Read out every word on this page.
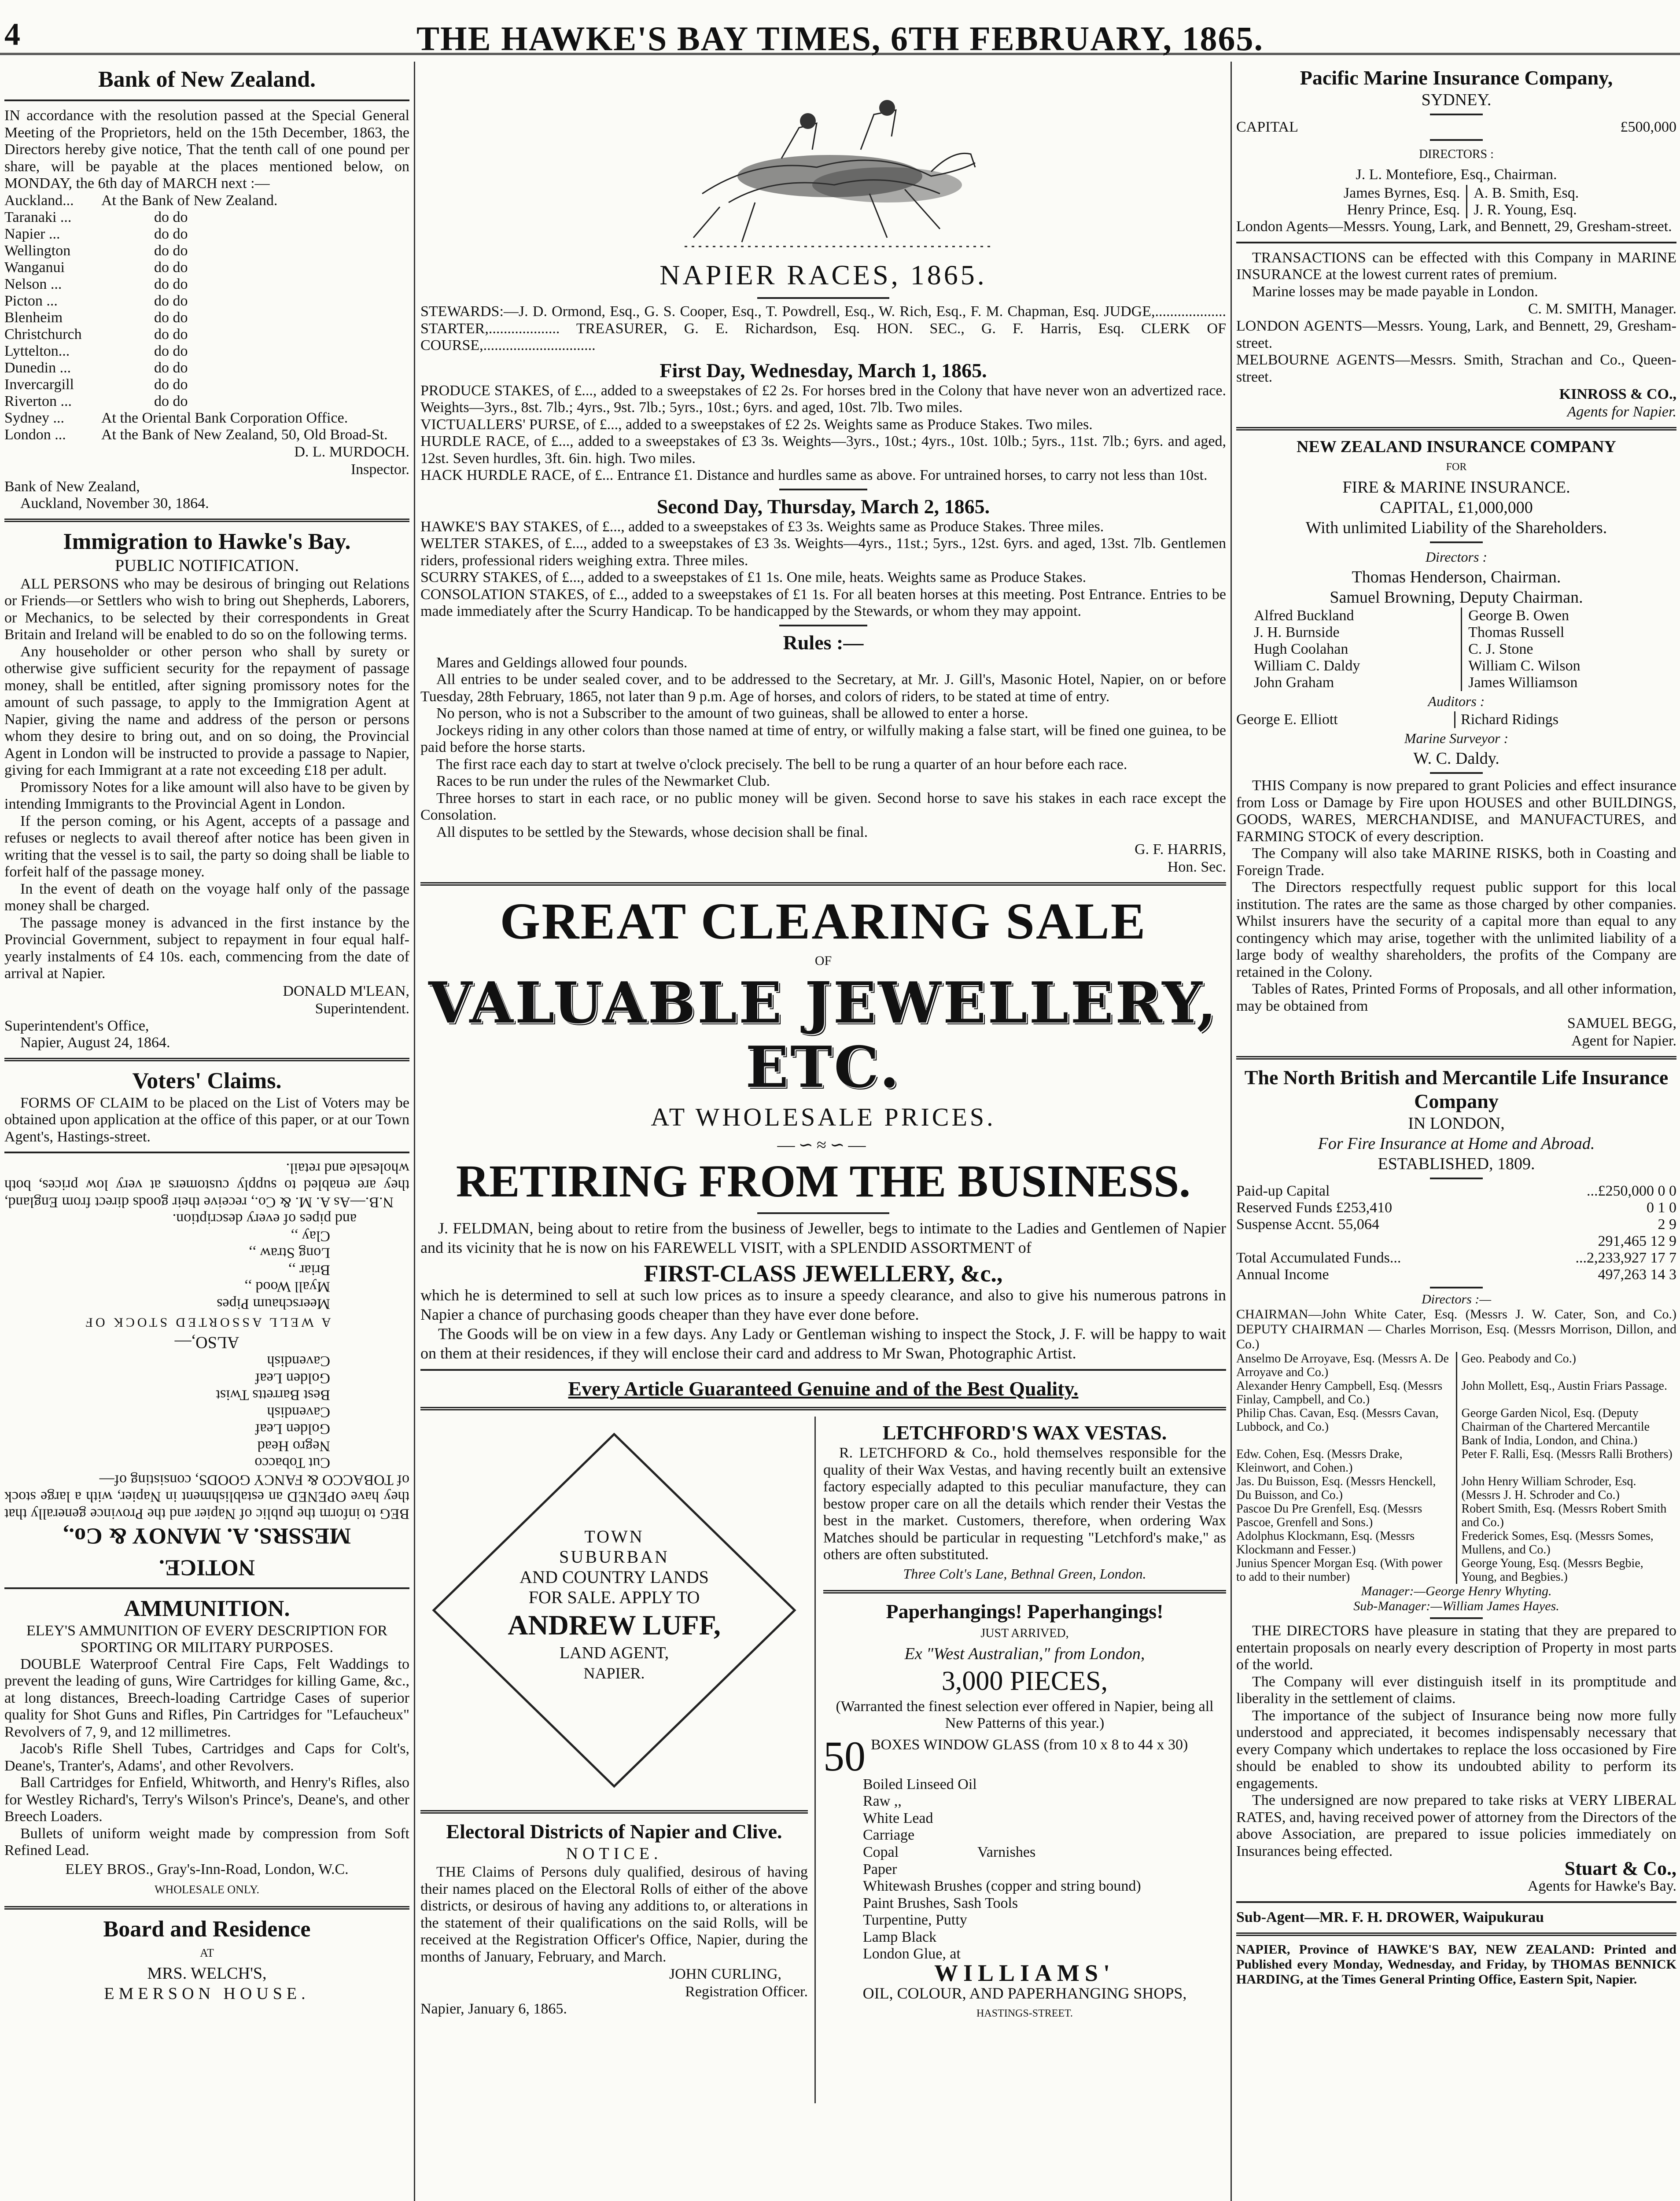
4	THE HAWKE'S BAY TIMES, 6TH FEBRUARY, 1865.
Bank of New Zealand.
IN accordance with the resolution passed at the Special General Meeting of the Proprietors, held on the 15th December, 1863, the Directors hereby give notice, That the tenth call of one pound per share, will be payable at the places mentioned below, on MONDAY, the 6th day of MARCH next :—
Auckland...	At the Bank of New Zealand.
Taranaki ...	do do
Napier ...	do do
Wellington	do do
Wanganui	do do
Nelson ...	do do
Picton ...	do do
Blenheim	do do
Christchurch	do do
Lyttelton...	do do
Dunedin ...	do do
Invercargill	do do
Riverton ...	do do
Sydney ...	At the Oriental Bank Corporation Office.
London ...	At the Bank of New Zealand, 50, Old Broad-St.
D. L. MURDOCH.
Inspector.
Bank of New Zealand,
Auckland, November 30, 1864.
Immigration to Hawke's Bay.
PUBLIC NOTIFICATION.
ALL PERSONS who may be desirous of bringing out Relations or Friends—or Settlers who wish to bring out Shepherds, Laborers, or Mechanics, to be selected by their correspondents in Great Britain and Ireland will be enabled to do so on the following terms.
Any householder or other person who shall by surety or otherwise give sufficient security for the repayment of passage money, shall be entitled, after signing promissory notes for the amount of such passage, to apply to the Immigration Agent at Napier, giving the name and address of the person or persons whom they desire to bring out, and on so doing, the Provincial Agent in London will be instructed to provide a passage to Napier, giving for each Immigrant at a rate not exceeding £18 per adult.
Promissory Notes for a like amount will also have to be given by intending Immigrants to the Provincial Agent in London.
If the person coming, or his Agent, accepts of a passage and refuses or neglects to avail thereof after notice has been given in writing that the vessel is to sail, the party so doing shall be liable to forfeit half of the passage money.
In the event of death on the voyage half only of the passage money shall be charged.
The passage money is advanced in the first instance by the Provincial Government, subject to repayment in four equal half-yearly instalments of £4 10s. each, commencing from the date of arrival at Napier.
DONALD M'LEAN,
Superintendent.
Superintendent's Office,
Napier, August 24, 1864.
Voters' Claims.
FORMS OF CLAIM to be placed on the List of Voters may be obtained upon application at the office of this paper, or at our Town Agent's, Hastings-street.
NOTICE.
MESSRS. A. MANOY & Co.,
BEG to inform the public of Napier and the Province generally that they have OPENED an establishment in Napier, with a large stock of TOBACCO & FANCY GOODS, consisting of—
Cut Tobacco
Negro Head
Golden Leaf
Cavendish
Best Barretts Twist
Golden Leaf
Cavendish
ALSO,—
A WELL ASSORTED STOCK OF
Meerschaum Pipes
Myall Wood ,,
Briar ,,
Long Straw ,,
Clay ,,
and pipes of every description.
N.B.—As A. M. & Co., receive their goods direct from England, they are enabled to supply customers at very low prices, both wholesale and retail.
AMMUNITION.
ELEY'S AMMUNITION OF EVERY DESCRIPTION FOR SPORTING OR MILITARY PURPOSES.
DOUBLE Waterproof Central Fire Caps, Felt Waddings to prevent the leading of guns, Wire Cartridges for killing Game, &c., at long distances, Breech-loading Cartridge Cases of superior quality for Shot Guns and Rifles, Pin Cartridges for "Lefaucheux" Revolvers of 7, 9, and 12 millimetres.
Jacob's Rifle Shell Tubes, Cartridges and Caps for Colt's, Deane's, Tranter's, Adams', and other Revolvers.
Ball Cartridges for Enfield, Whitworth, and Henry's Rifles, also for Westley Richard's, Terry's Wilson's Prince's, Deane's, and other Breech Loaders.
Bullets of uniform weight made by compression from Soft Refined Lead.
ELEY BROS., Gray's-Inn-Road, London, W.C.
WHOLESALE ONLY.
Board and Residence
AT
MRS. WELCH'S,
EMERSON HOUSE.
NAPIER RACES, 1865.
STEWARDS:—J. D. Ormond, Esq., G. S. Cooper, Esq., T. Powdrell, Esq., W. Rich, Esq., F. M. Chapman, Esq. JUDGE,................... STARTER,................... TREASURER, G. E. Richardson, Esq. HON. SEC., G. F. Harris, Esq. CLERK OF COURSE,..............................
First Day, Wednesday, March 1, 1865.
PRODUCE STAKES, of £..., added to a sweepstakes of £2 2s. For horses bred in the Colony that have never won an advertized race. Weights—3yrs., 8st. 7lb.; 4yrs., 9st. 7lb.; 5yrs., 10st.; 6yrs. and aged, 10st. 7lb. Two miles.
VICTUALLERS' PURSE, of £..., added to a sweepstakes of £2 2s. Weights same as Produce Stakes. Two miles.
HURDLE RACE, of £..., added to a sweepstakes of £3 3s. Weights—3yrs., 10st.; 4yrs., 10st. 10lb.; 5yrs., 11st. 7lb.; 6yrs. and aged, 12st. Seven hurdles, 3ft. 6in. high. Two miles.
HACK HURDLE RACE, of £... Entrance £1. Distance and hurdles same as above. For untrained horses, to carry not less than 10st.
Second Day, Thursday, March 2, 1865.
HAWKE'S BAY STAKES, of £..., added to a sweepstakes of £3 3s. Weights same as Produce Stakes. Three miles.
WELTER STAKES, of £..., added to a sweepstakes of £3 3s. Weights—4yrs., 11st.; 5yrs., 12st. 6yrs. and aged, 13st. 7lb. Gentlemen riders, professional riders weighing extra. Three miles.
SCURRY STAKES, of £..., added to a sweepstakes of £1 1s. One mile, heats. Weights same as Produce Stakes.
CONSOLATION STAKES, of £.., added to a sweepstakes of £1 1s. For all beaten horses at this meeting. Post Entrance. Entries to be made immediately after the Scurry Handicap. To be handicapped by the Stewards, or whom they may appoint.
Rules :—
Mares and Geldings allowed four pounds.
All entries to be under sealed cover, and to be addressed to the Secretary, at Mr. J. Gill's, Masonic Hotel, Napier, on or before Tuesday, 28th February, 1865, not later than 9 p.m. Age of horses, and colors of riders, to be stated at time of entry.
No person, who is not a Subscriber to the amount of two guineas, shall be allowed to enter a horse.
Jockeys riding in any other colors than those named at time of entry, or wilfully making a false start, will be fined one guinea, to be paid before the horse starts.
The first race each day to start at twelve o'clock precisely. The bell to be rung a quarter of an hour before each race.
Races to be run under the rules of the Newmarket Club.
Three horses to start in each race, or no public money will be given. Second horse to save his stakes in each race except the Consolation.
All disputes to be settled by the Stewards, whose decision shall be final.
G. F. HARRIS,
Hon. Sec.
GREAT CLEARING SALE
OF
VALUABLE JEWELLERY, ETC.
AT WHOLESALE PRICES.
—∽≈∽—
RETIRING FROM THE BUSINESS.
J. FELDMAN, being about to retire from the business of Jeweller, begs to intimate to the Ladies and Gentlemen of Napier and its vicinity that he is now on his FAREWELL VISIT, with a SPLENDID ASSORTMENT of
FIRST-CLASS JEWELLERY, &c.,
which he is determined to sell at such low prices as to insure a speedy clearance, and also to give his numerous patrons in Napier a chance of purchasing goods cheaper than they have ever done before.
The Goods will be on view in a few days. Any Lady or Gentleman wishing to inspect the Stock, J. F. will be happy to wait on them at their residences, if they will enclose their card and address to Mr Swan, Photographic Artist.
Every Article Guaranteed Genuine and of the Best Quality.
TOWN
SUBURBAN
AND COUNTRY LANDS
FOR SALE. APPLY TO
ANDREW LUFF,
LAND AGENT,
NAPIER.
Electoral Districts of Napier and Clive.
NOTICE.
THE Claims of Persons duly qualified, desirous of having their names placed on the Electoral Rolls of either of the above districts, or desirous of having any additions to, or alterations in the statement of their qualifications on the said Rolls, will be received at the Registration Officer's Office, Napier, during the months of January, February, and March.
JOHN CURLING,
Registration Officer.
Napier, January 6, 1865.
LETCHFORD'S WAX VESTAS.
R. LETCHFORD & Co., hold themselves responsible for the quality of their Wax Vestas, and having recently built an extensive factory especially adapted to this peculiar manufacture, they can bestow proper care on all the details which render their Vestas the best in the market. Customers, therefore, when ordering Wax Matches should be particular in requesting "Letchford's make," as others are often substituted.
Three Colt's Lane, Bethnal Green, London.
Paperhangings! Paperhangings!
JUST ARRIVED,
Ex "West Australian," from London,
3,000 PIECES,
(Warranted the finest selection ever offered in Napier, being all New Patterns of this year.)
50 BOXES WINDOW GLASS (from 10 x 8 to 44 x 30)
Boiled Linseed Oil
Raw ,,
White Lead
Carriage
Copal	Varnishes
Paper
Whitewash Brushes (copper and string bound)
Paint Brushes, Sash Tools
Turpentine, Putty
Lamp Black
London Glue, at
WILLIAMS'
OIL, COLOUR, AND PAPERHANGING SHOPS,
HASTINGS-STREET.
Pacific Marine Insurance Company,
SYDNEY.
CAPITAL	£500,000
DIRECTORS :
J. L. Montefiore, Esq., Chairman.
James Byrnes, Esq.	A. B. Smith, Esq.
Henry Prince, Esq.	J. R. Young, Esq.
London Agents—Messrs. Young, Lark, and Bennett, 29, Gresham-street.
TRANSACTIONS can be effected with this Company in MARINE INSURANCE at the lowest current rates of premium.
Marine losses may be made payable in London.
C. M. SMITH, Manager.
LONDON AGENTS—Messrs. Young, Lark, and Bennett, 29, Gresham-street.
MELBOURNE AGENTS—Messrs. Smith, Strachan and Co., Queen-street.
KINROSS & CO.,
Agents for Napier.
NEW ZEALAND INSURANCE COMPANY
FOR
FIRE & MARINE INSURANCE.
CAPITAL, £1,000,000
With unlimited Liability of the Shareholders.
Directors :
Thomas Henderson, Chairman.
Samuel Browning, Deputy Chairman.
Alfred Buckland	George B. Owen
J. H. Burnside	Thomas Russell
Hugh Coolahan	C. J. Stone
William C. Daldy	William C. Wilson
John Graham	James Williamson
Auditors :
George E. Elliott	Richard Ridings
Marine Surveyor :
W. C. Daldy.
THIS Company is now prepared to grant Policies and effect insurance from Loss or Damage by Fire upon HOUSES and other BUILDINGS, GOODS, WARES, MERCHANDISE, and MANUFACTURES, and FARMING STOCK of every description.
The Company will also take MARINE RISKS, both in Coasting and Foreign Trade.
The Directors respectfully request public support for this local institution. The rates are the same as those charged by other companies. Whilst insurers have the security of a capital more than equal to any contingency which may arise, together with the unlimited liability of a large body of wealthy shareholders, the profits of the Company are retained in the Colony.
Tables of Rates, Printed Forms of Proposals, and all other information, may be obtained from
SAMUEL BEGG,
Agent for Napier.
The North British and Mercantile Life Insurance Company
IN LONDON,
For Fire Insurance at Home and Abroad.
ESTABLISHED, 1809.
Paid-up Capital	...£250,000 0 0
Reserved Funds £253,410	0 1 0
Suspense Accnt. 55,064	2 9
	291,465 12 9
Total Accumulated Funds...	...2,233,927 17 7
Annual Income	497,263 14 3
Directors :—
CHAIRMAN—John White Cater, Esq. (Messrs J. W. Cater, Son, and Co.) DEPUTY CHAIRMAN — Charles Morrison, Esq. (Messrs Morrison, Dillon, and Co.)
Anselmo De Arroyave, Esq. (Messrs A. De Arroyave and Co.)	Geo. Peabody and Co.)
Alexander Henry Campbell, Esq. (Messrs Finlay, Campbell, and Co.)	John Mollett, Esq., Austin Friars Passage.
Philip Chas. Cavan, Esq. (Messrs Cavan, Lubbock, and Co.)	George Garden Nicol, Esq. (Deputy Chairman of the Chartered Mercantile Bank of India, London, and China.)
Edw. Cohen, Esq. (Messrs Drake, Kleinwort, and Cohen.)	Peter F. Ralli, Esq. (Messrs Ralli Brothers)
Jas. Du Buisson, Esq. (Messrs Henckell, Du Buisson, and Co.)	John Henry William Schroder, Esq. (Messrs J. H. Schroder and Co.)
Pascoe Du Pre Grenfell, Esq. (Messrs Pascoe, Grenfell and Sons.)	Robert Smith, Esq. (Messrs Robert Smith and Co.)
Adolphus Klockmann, Esq. (Messrs Klockmann and Fesser.)	Frederick Somes, Esq. (Messrs Somes, Mullens, and Co.)
Junius Spencer Morgan Esq. (With power to add to their number)	George Young, Esq. (Messrs Begbie, Young, and Begbies.)
Manager:—George Henry Whyting.
Sub-Manager:—William James Hayes.
THE DIRECTORS have pleasure in stating that they are prepared to entertain proposals on nearly every description of Property in most parts of the world.
The Company will ever distinguish itself in its promptitude and liberality in the settlement of claims.
The importance of the subject of Insurance being now more fully understood and appreciated, it becomes indispensably necessary that every Company which undertakes to replace the loss occasioned by Fire should be enabled to show its undoubted ability to perform its engagements.
The undersigned are now prepared to take risks at VERY LIBERAL RATES, and, having received power of attorney from the Directors of the above Association, are prepared to issue policies immediately on Insurances being effected.
Stuart & Co.,
Agents for Hawke's Bay.
Sub-Agent—MR. F. H. DROWER, Waipukurau
NAPIER, Province of HAWKE'S BAY, NEW ZEALAND: Printed and Published every Monday, Wednesday, and Friday, by THOMAS BENNICK HARDING, at the Times General Printing Office, Eastern Spit, Napier.
